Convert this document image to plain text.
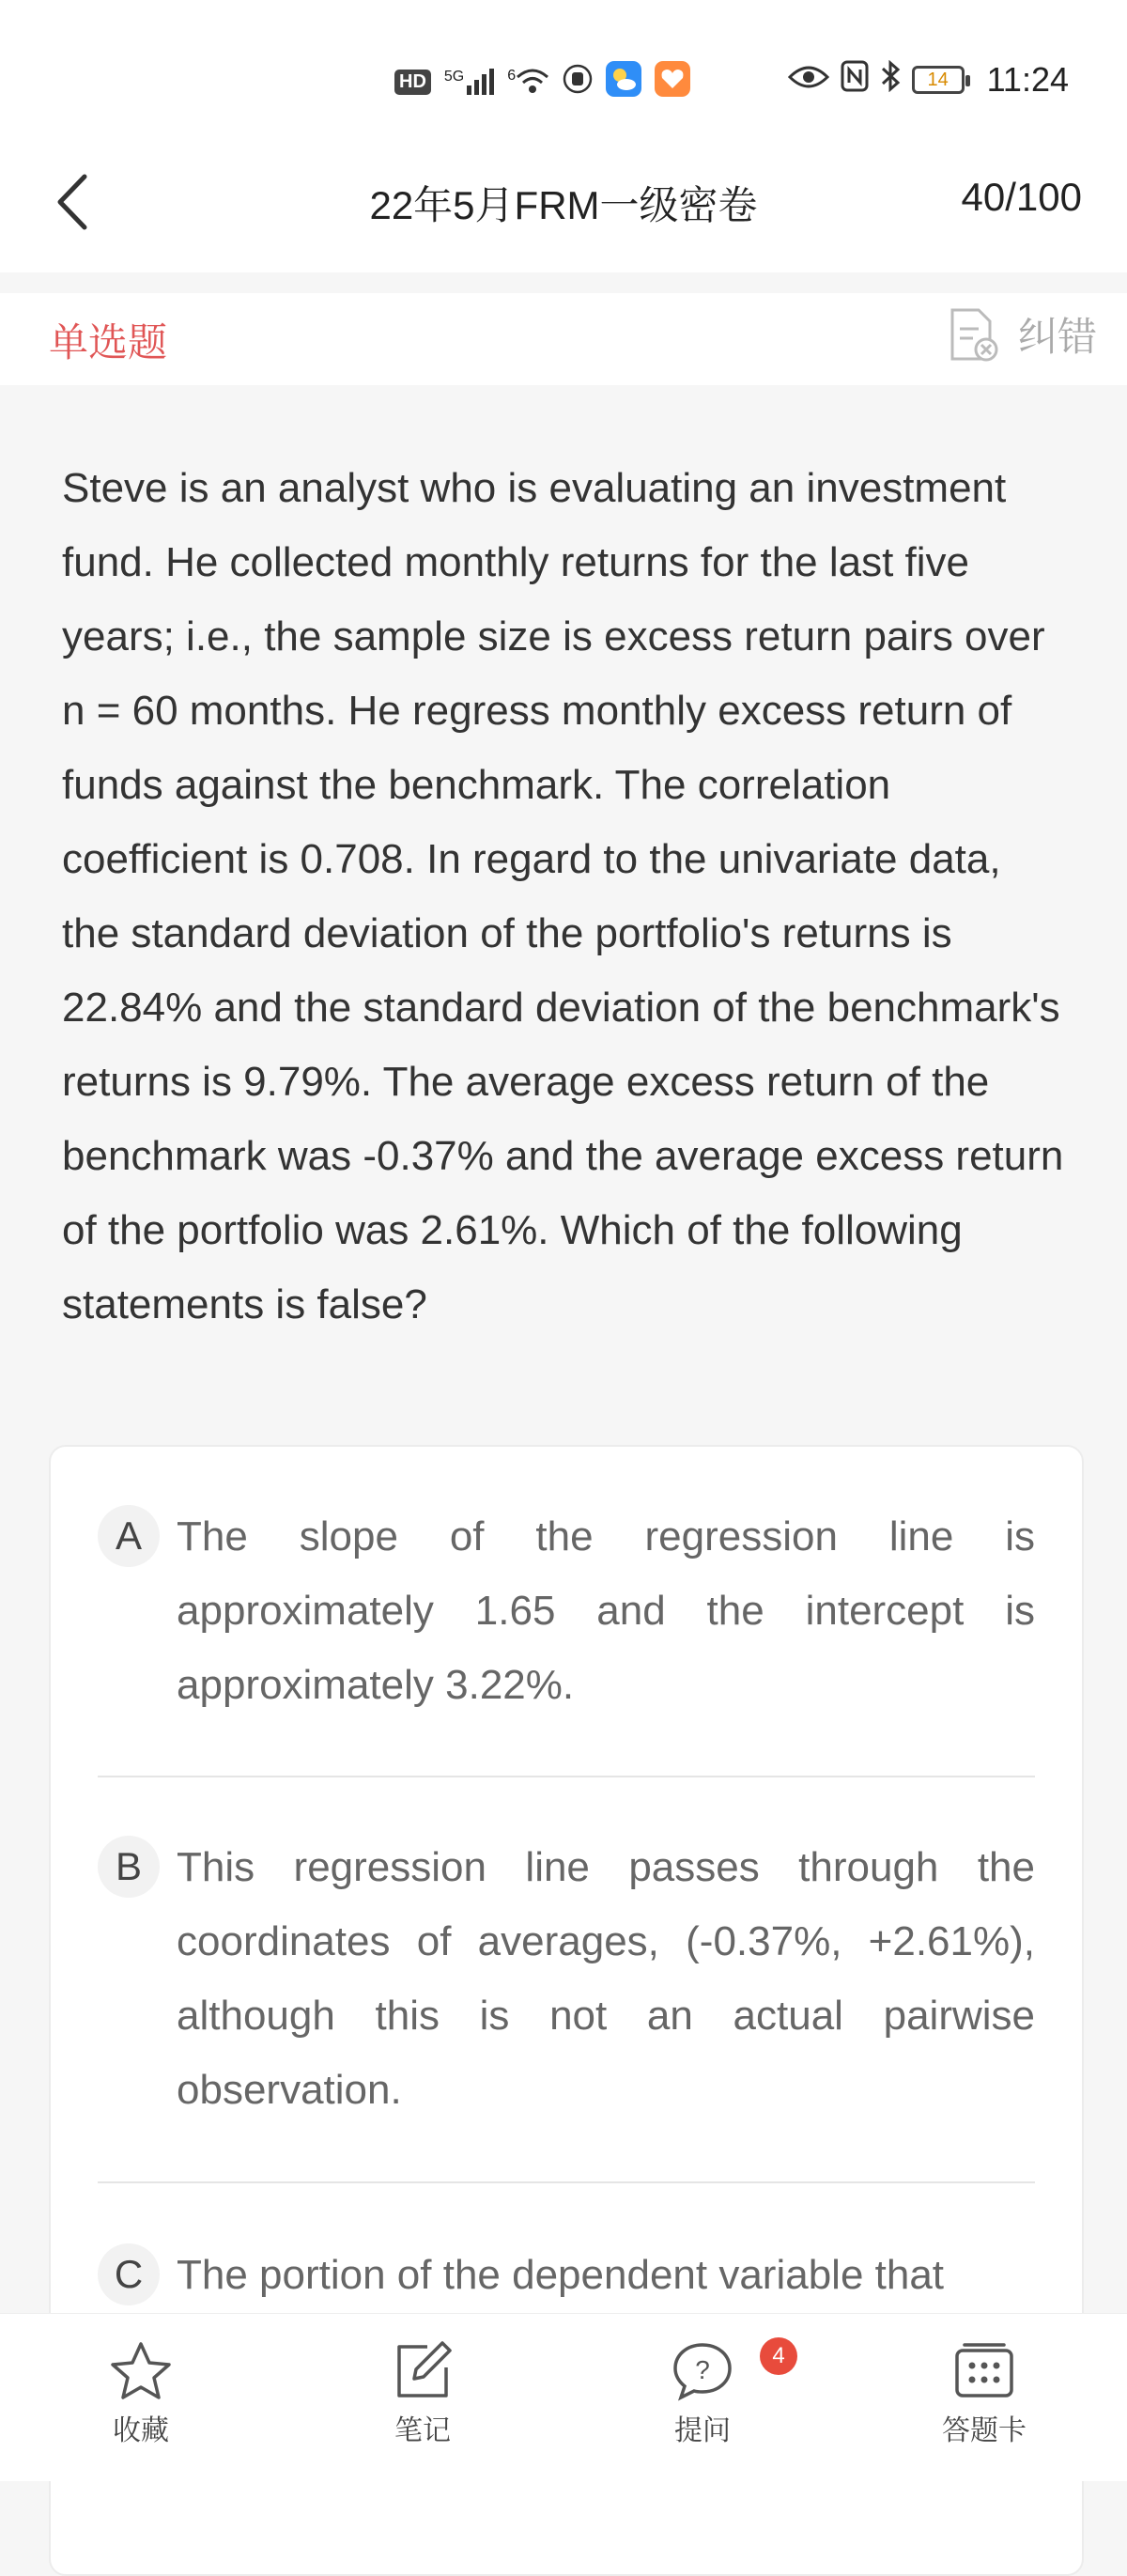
HD	5G	6	14	11:24
22年5月FRM一级密卷	40/100
单选题	纠错

Steve is an analyst who is evaluating an investment fund. He collected monthly returns for the last five years; i.e., the sample size is excess return pairs over n = 60 months. He regress monthly excess return of funds against the benchmark. The correlation coefficient is 0.708. In regard to the univariate data, the standard deviation of the portfolio's returns is 22.84% and the standard deviation of the benchmark's returns is 9.79%. The average excess return of the benchmark was -0.37% and the average excess return of the portfolio was 2.61%. Which of the following statements is false?

A The slope of the regression line is approximately 1.65 and the intercept is approximately 3.22%.

B This regression line passes through the coordinates of averages, (-0.37%, +2.61%), although this is not an actual pairwise observation.

C The portion of the dependent variable that

收藏	笔记
?	4
提问	答题卡
